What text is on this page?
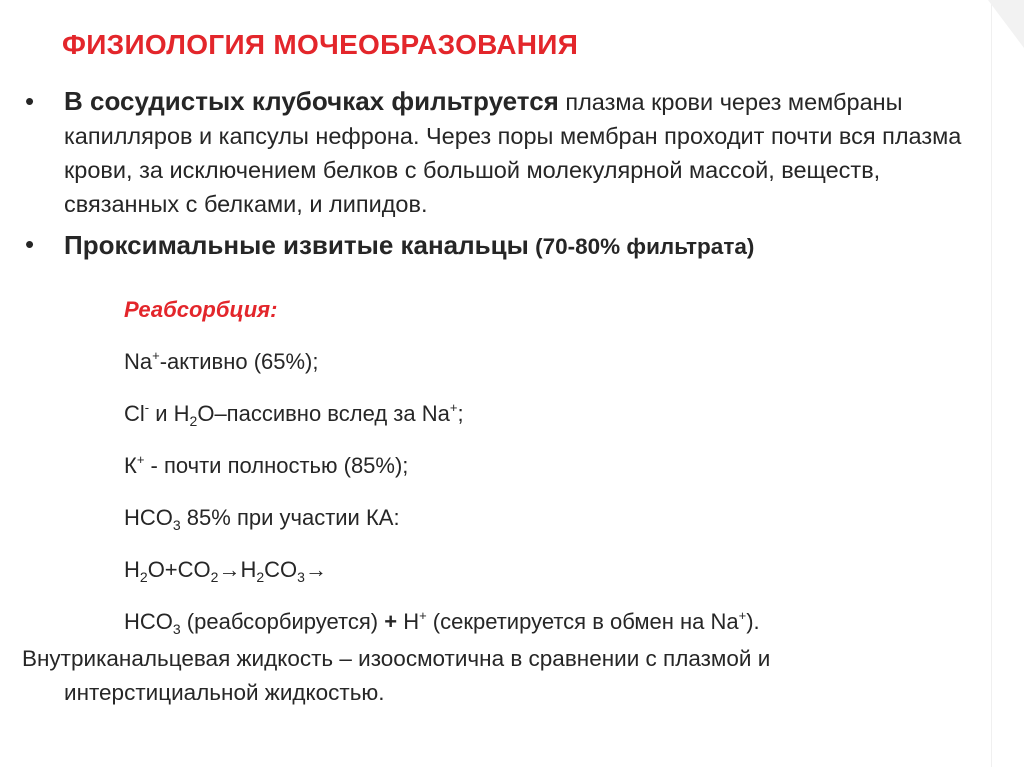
ФИЗИОЛОГИЯ МОЧЕОБРАЗОВАНИЯ
• В сосудистых клубочках фильтруется плазма крови через мембраны капилляров и капсулы нефрона. Через поры мембран проходит почти вся плазма крови, за исключением белков с большой молекулярной массой, веществ, связанных с белками, и липидов.
• Проксимальные извитые канальцы (70-80% фильтрата)
Реабсорбция:
Na+-активно (65%);
Cl- и $H_2O$–пассивно вслед за Na+;
К+ - почти полностью (85%);
$HCO_3$ 85% при участии КА:
$H_2O+CO_2\to H_2CO_3\to$
$HCO_3$ (реабсорбируется) + H+ (секретируется в обмен на Na+).

Внутриканальцевая жидкость – изоосмотична в сравнении с плазмой и
интерстициальной жидкостью.
